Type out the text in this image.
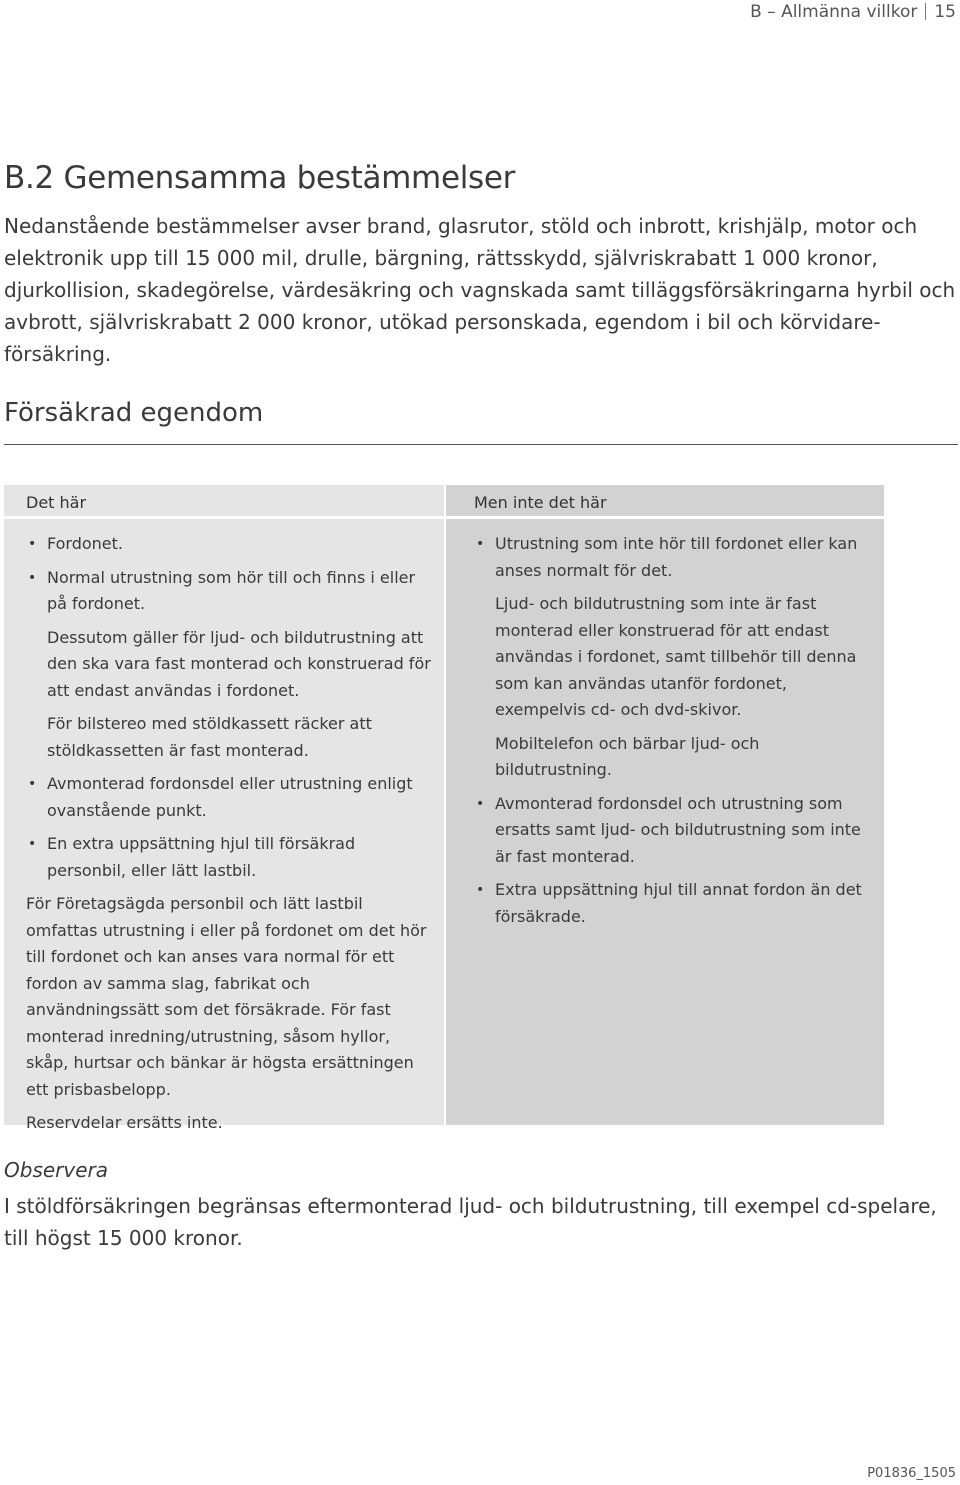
B – Allmänna villkor 15
B.2 Gemensamma bestämmelser

Nedanstående bestämmelser avser brand, glasrutor, stöld och inbrott, krishjälp, motor och elektronik upp till 15 000 mil, drulle, bärgning, rättsskydd, självriskrabatt 1 000 kronor, djurkollision, skadegörelse, värdesäkring och vagnskada samt tilläggsförsäkringarna hyrbil och avbrott, självriskrabatt 2 000 kronor, utökad personskada, egendom i bil och körvidare-försäkring.

Försäkrad egendom
Det här
• Fordonet.
• Normal utrustning som hör till och finns i eller på fordonet.

Dessutom gäller för ljud- och bildutrustning att den ska vara fast monterad och konstruerad för att endast användas i fordonet.

För bilstereo med stöldkassett räcker att stöldkassetten är fast monterad.

• Avmonterad fordonsdel eller utrustning enligt ovanstående punkt.
• En extra uppsättning hjul till försäkrad personbil, eller lätt lastbil.

För Företagsägda personbil och lätt lastbil omfattas utrustning i eller på fordonet om det hör till fordonet och kan anses vara normal för ett fordon av samma slag, fabrikat och användningssätt som det försäkrade. För fast monterad inredning/utrustning, såsom hyllor, skåp, hurtsar och bänkar är högsta ersättningen ett prisbasbelopp.

Reservdelar ersätts inte.

Men inte det här
• Utrustning som inte hör till fordonet eller kan anses normalt för det.

Ljud- och bildutrustning som inte är fast monterad eller konstruerad för att endast användas i fordonet, samt tillbehör till denna som kan användas utanför fordonet, exempelvis cd- och dvd-skivor.

Mobiltelefon och bärbar ljud- och bildutrustning.

• Avmonterad fordonsdel och utrustning som ersatts samt ljud- och bildutrustning som inte är fast monterad.
• Extra uppsättning hjul till annat fordon än det försäkrade.

Observera

I stöldförsäkringen begränsas eftermonterad ljud- och bildutrustning, till exempel cd-spelare, till högst 15 000 kronor.

P01836_1505
